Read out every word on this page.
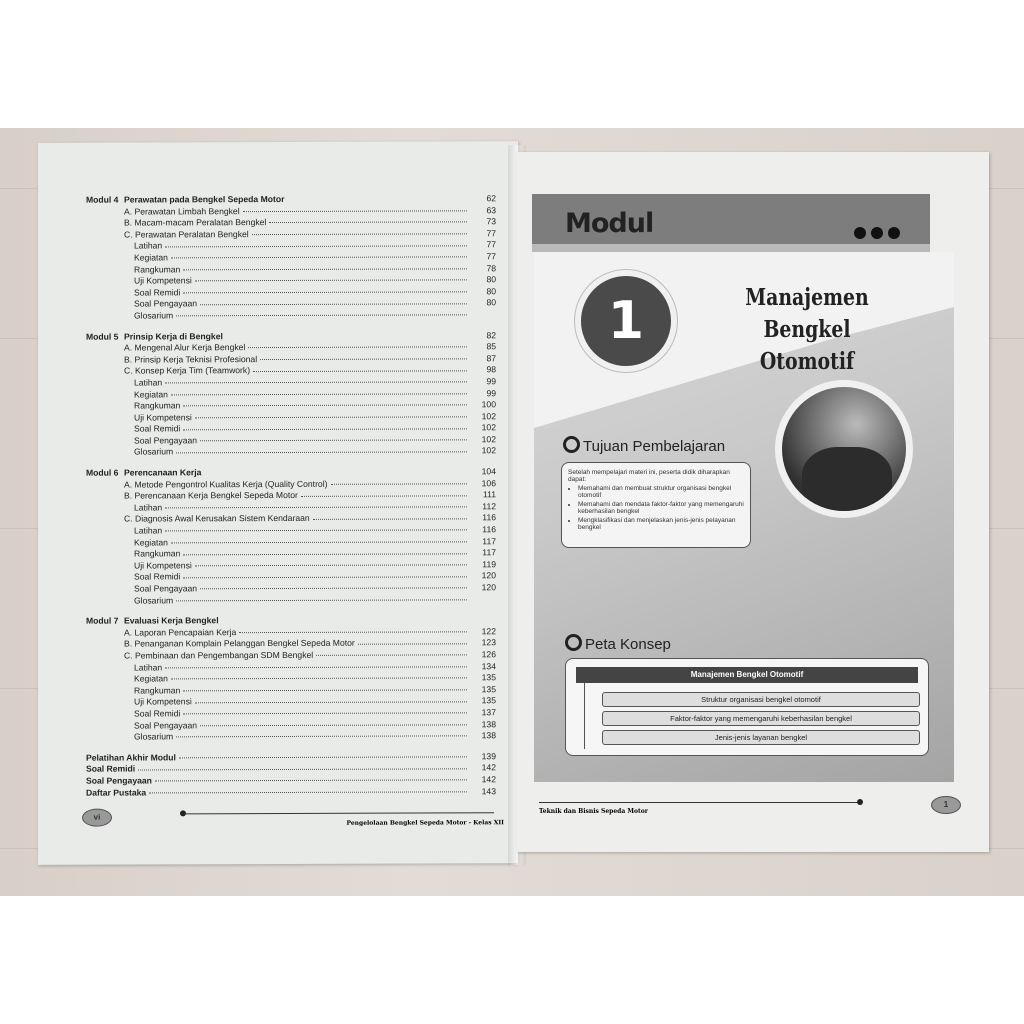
Modul 4 Perawatan pada Bengkel Sepeda Motor	62
A. Perawatan Limbah Bengkel	63
B. Macam-macam Peralatan Bengkel	73
C. Perawatan Peralatan Bengkel	77
Latihan	77
Kegiatan	77
Rangkuman	78
Uji Kompetensi	80
Soal Remidi	80
Soal Pengayaan	80
Glosarium
Modul 5 Prinsip Kerja di Bengkel	82
A. Mengenal Alur Kerja Bengkel	85
B. Prinsip Kerja Teknisi Profesional	87
C. Konsep Kerja Tim (Teamwork)	98
Latihan	99
Kegiatan	99
Rangkuman	100
Uji Kompetensi	102
Soal Remidi	102
Soal Pengayaan	102
Glosarium	102
Modul 6 Perencanaan Kerja	104
A. Metode Pengontrol Kualitas Kerja (Quality Control)	106
B. Perencanaan Kerja Bengkel Sepeda Motor	111
Latihan	112
C. Diagnosis Awal Kerusakan Sistem Kendaraan	116
Latihan	116
Kegiatan	117
Rangkuman	117
Uji Kompetensi	119
Soal Remidi	120
Soal Pengayaan	120
Glosarium
Modul 7 Evaluasi Kerja Bengkel
A. Laporan Pencapaian Kerja	122
B. Penanganan Komplain Pelanggan Bengkel Sepeda Motor	123
C. Pembinaan dan Pengembangan SDM Bengkel	126
Latihan	134
Kegiatan	135
Rangkuman	135
Uji Kompetensi	135
Soal Remidi	137
Soal Pengayaan	138
Glosarium	138
Pelatihan Akhir Modul	139
Soal Remidi	142
Soal Pengayaan	142
Daftar Pustaka	143
vi
Pengelolaan Bengkel Sepeda Motor - Kelas XII
Modul
1	Manajemen
Bengkel Otomotif
Tujuan Pembelajaran

Setelah mempelajari materi ini, peserta didik diharapkan dapat:

• Memahami dan membuat struktur organisasi bengkel otomotif
• Memahami dan mendata faktor-faktor yang memengaruhi keberhasilan bengkel
• Mengklasifikasi dan menjelaskan jenis-jenis pelayanan bengkel
Peta Konsep
Manajemen Bengkel Otomotif
Struktur organisasi bengkel otomotif
Faktor-faktor yang memengaruhi keberhasilan bengkel
Jenis-jenis layanan bengkel
Teknik dan Bisnis Sepeda Motor
1
